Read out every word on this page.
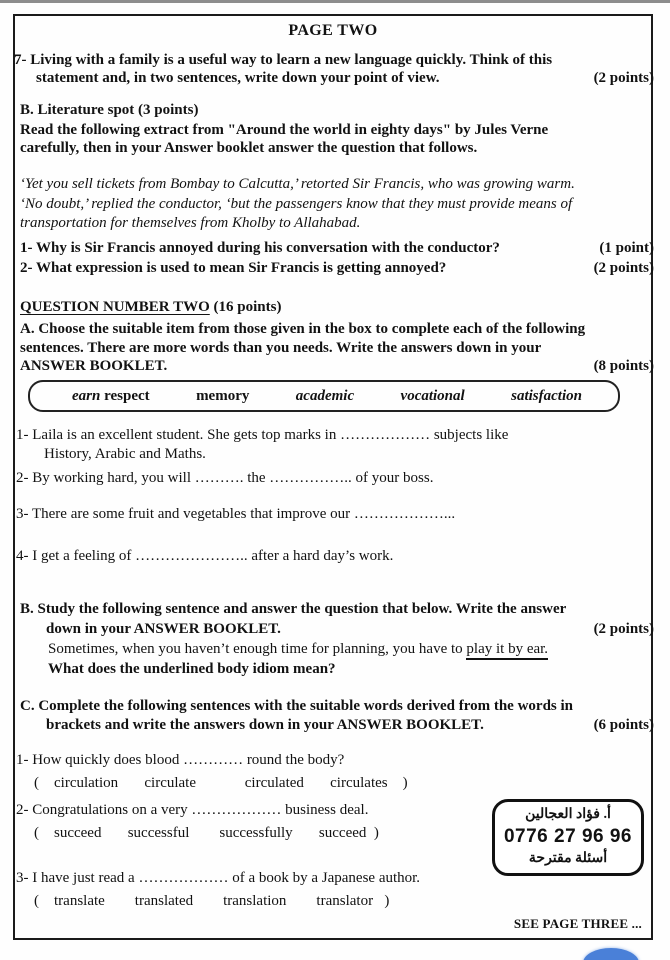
PAGE TWO
7- Living with a family is a useful way to learn a new language quickly. Think of this
statement and, in two sentences, write down your point of view.	(2 points)
B. Literature spot (3 points)
Read the following extract from "Around the world in eighty days" by Jules Verne
carefully, then in your Answer booklet answer the question that follows.
‘Yet you sell tickets from Bombay to Calcutta,’ retorted Sir Francis, who was growing warm.
‘No doubt,’ replied the conductor, ‘but the passengers know that they must provide means of
transportation for themselves from Kholby to Allahabad.
1- Why is Sir Francis annoyed during his conversation with the conductor?	(1 point)
2- What expression is used to mean Sir Francis is getting annoyed?	(2 points)
QUESTION NUMBER TWO (16 points)
A. Choose the suitable item from those given in the box to complete each of the following
sentences. There are more words than you needs. Write the answers down in your
ANSWER BOOKLET.	(8 points)
earn respect	memory	academic	vocational	satisfaction
1- Laila is an excellent student. She gets top marks in ……………… subjects like
History, Arabic and Maths.
2- By working hard, you will ………. the …………….. of your boss.
3- There are some fruit and vegetables that improve our ………………...
4- I get a feeling of ………………….. after a hard day’s work.
B. Study the following sentence and answer the question that below. Write the answer
down in your ANSWER BOOKLET.	(2 points)
Sometimes, when you haven’t enough time for planning, you have to play it by ear.
What does the underlined body idiom mean?
C. Complete the following sentences with the suitable words derived from the words in
brackets and write the answers down in your ANSWER BOOKLET.	(6 points)
1- How quickly does blood ………… round the body?
(    circulation       circulate             circulated       circulates    )
2- Congratulations on a very ……………… business deal.
(    succeed       successful        successfully       succeed  )
3- I have just read a ……………… of a book by a Japanese author.
(    translate        translated        translation        translator   )
أ. فؤاد العجالين
0776 27 96 96
أسئلة مقترحة
SEE PAGE THREE ...
